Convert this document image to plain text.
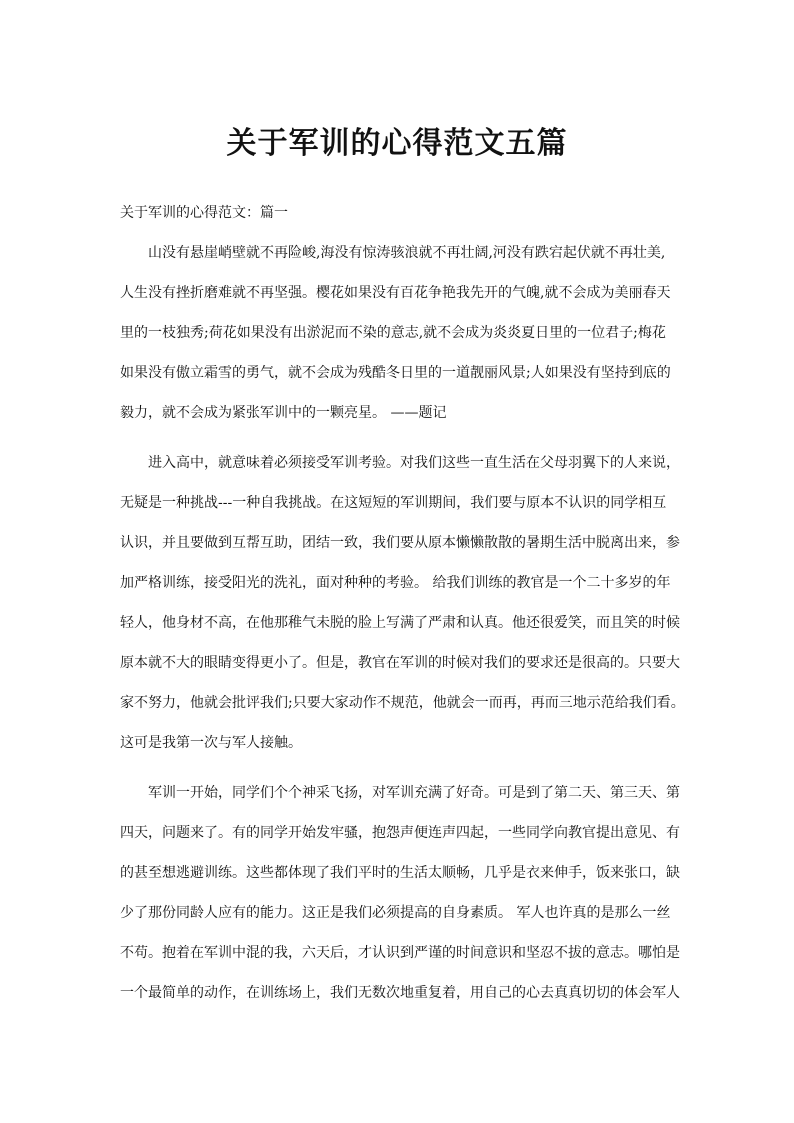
关于军训的心得范文五篇
关于军训的心得范文：篇一
山没有悬崖峭壁就不再险峻,海没有惊涛骇浪就不再壮阔,河没有跌宕起伏就不再壮美,
人生没有挫折磨难就不再坚强。樱花如果没有百花争艳我先开的气魄,就不会成为美丽春天
里的一枝独秀;荷花如果没有出淤泥而不染的意志,就不会成为炎炎夏日里的一位君子;梅花
如果没有傲立霜雪的勇气，就不会成为残酷冬日里的一道靓丽风景;人如果没有坚持到底的
毅力，就不会成为紧张军训中的一颗亮星。 ——题记
进入高中，就意味着必须接受军训考验。对我们这些一直生活在父母羽翼下的人来说，
无疑是一种挑战---一种自我挑战。在这短短的军训期间，我们要与原本不认识的同学相互
认识，并且要做到互帮互助，团结一致，我们要从原本懒懒散散的暑期生活中脱离出来，参
加严格训练，接受阳光的洗礼，面对种种的考验。 给我们训练的教官是一个二十多岁的年
轻人，他身材不高，在他那稚气未脱的脸上写满了严肃和认真。他还很爱笑，而且笑的时候
原本就不大的眼睛变得更小了。但是，教官在军训的时候对我们的要求还是很高的。只要大
家不努力，他就会批评我们;只要大家动作不规范，他就会一而再，再而三地示范给我们看。
这可是我第一次与军人接触。
军训一开始，同学们个个神采飞扬，对军训充满了好奇。可是到了第二天、第三天、第
四天，问题来了。有的同学开始发牢骚，抱怨声便连声四起，一些同学向教官提出意见、有
的甚至想逃避训练。这些都体现了我们平时的生活太顺畅，几乎是衣来伸手，饭来张口，缺
少了那份同龄人应有的能力。这正是我们必须提高的自身素质。 军人也许真的是那么一丝
不苟。抱着在军训中混的我，六天后，才认识到严谨的时间意识和坚忍不拔的意志。哪怕是
一个最简单的动作，在训练场上，我们无数次地重复着，用自己的心去真真切切的体会军人
